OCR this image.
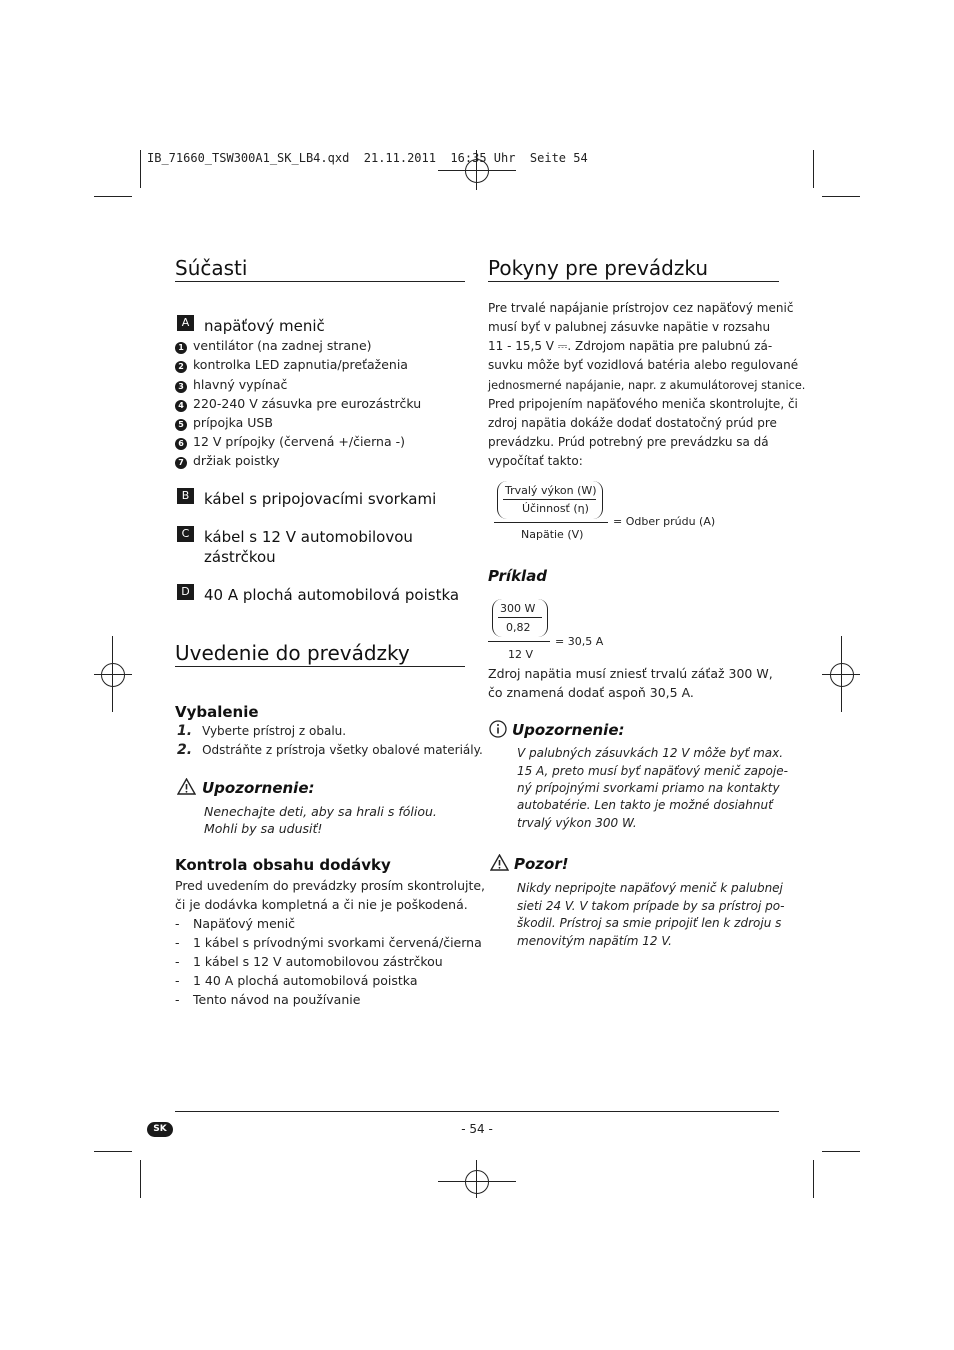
IB_71660_TSW300A1_SK_LB4.qxd  21.11.2011  16:35 Uhr  Seite 54
Súčasti
A napäťový menič
1 ventilátor (na zadnej strane)
2 kontrolka LED zapnutia/preťaženia
3 hlavný vypínač
4 220-240 V zásuvka pre eurozástrčku
5 prípojka USB
6 12 V prípojky (červená +/čierna -)
7 držiak poistky
B kábel s pripojovacími svorkami
C kábel s 12 V automobilovou
zástrčkou
D 40 A plochá automobilová poistka
Uvedenie do prevádzky
Vybalenie
1. Vyberte prístroj z obalu.
2. Odstráňte z prístroja všetky obalové materiály.
Upozornenie:
Nenechajte deti, aby sa hrali s fóliou.
Mohli by sa udusiť!
Kontrola obsahu dodávky
Pred uvedením do prevádzky prosím skontrolujte,
či je dodávka kompletná a či nie je poškodená.
- Napäťový menič
- 1 kábel s prívodnými svorkami červená/čierna
- 1 kábel s 12 V automobilovou zástrčkou
- 1 40 A plochá automobilová poistka
- Tento návod na používanie
Pokyny pre prevádzku
Pre trvalé napájanie prístrojov cez napäťový menič
musí byť v palubnej zásuvke napätie v rozsahu
11 - 15,5 V ⎓. Zdrojom napätia pre palubnú zá-
suvku môže byť vozidlová batéria alebo regulované
jednosmerné napájanie, napr. z akumulátorovej stanice.
Pred pripojením napäťového meniča skontrolujte, či
zdroj napätia dokáže dodať dostatočný prúd pre
prevádzku. Prúd potrebný pre prevádzku sa dá
vypočítať takto:
Trvalý výkon (W)
Účinnosť (η)
Napätie (V)
= Odber prúdu (A)
Príklad
300 W
0,82
12 V
= 30,5 A
Zdroj napätia musí zniesť trvalú záťaž 300 W,
čo znamená dodať aspoň 30,5 A.
Upozornenie:
V palubných zásuvkách 12 V môže byť max.
15 A, preto musí byť napäťový menič zapoje-
ný prípojnými svorkami priamo na kontakty
autobatérie. Len takto je možné dosiahnuť
trvalý výkon 300 W.
Pozor!
Nikdy nepripojte napäťový menič k palubnej
sieti 24 V. V takom prípade by sa prístroj po-
škodil. Prístroj sa smie pripojiť len k zdroju s
menovitým napätím 12 V.
SK	- 54 -
